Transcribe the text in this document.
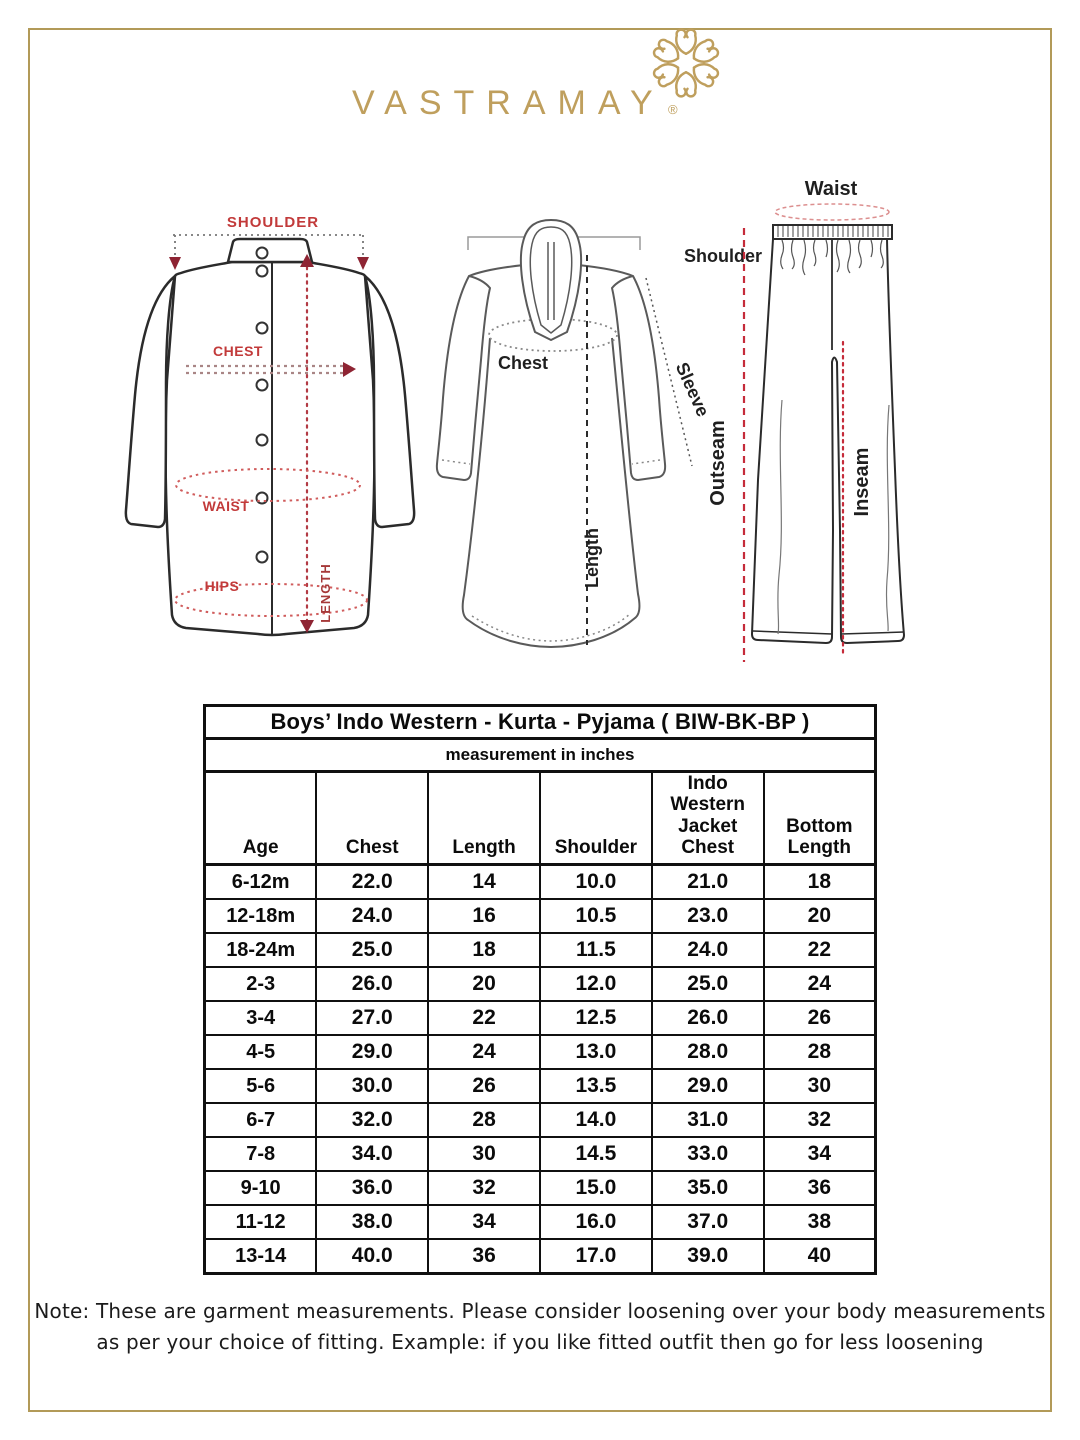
VASTRAMAY ®
SHOULDER
CHEST
WAIST
HIPS	LENGTH
Shoulder
Chest	Sleeve
Length
Waist
Outseam	Inseam
Boys’ Indo Western - Kurta - Pyjama ( BIW-BK-BP )					
measurement in inches					
Age	Chest	Length	Shoulder	Indo Western Jacket Chest	Bottom Length
6-12m	22.0	14	10.0	21.0	18
12-18m	24.0	16	10.5	23.0	20
18-24m	25.0	18	11.5	24.0	22
2-3	26.0	20	12.0	25.0	24
3-4	27.0	22	12.5	26.0	26
4-5	29.0	24	13.0	28.0	28
5-6	30.0	26	13.5	29.0	30
6-7	32.0	28	14.0	31.0	32
7-8	34.0	30	14.5	33.0	34
9-10	36.0	32	15.0	35.0	36
11-12	38.0	34	16.0	37.0	38
13-14	40.0	36	17.0	39.0	40
Note: These are garment measurements. Please consider loosening over your body measurements
as per your choice of fitting. Example: if you like fitted outfit then go for less loosening
